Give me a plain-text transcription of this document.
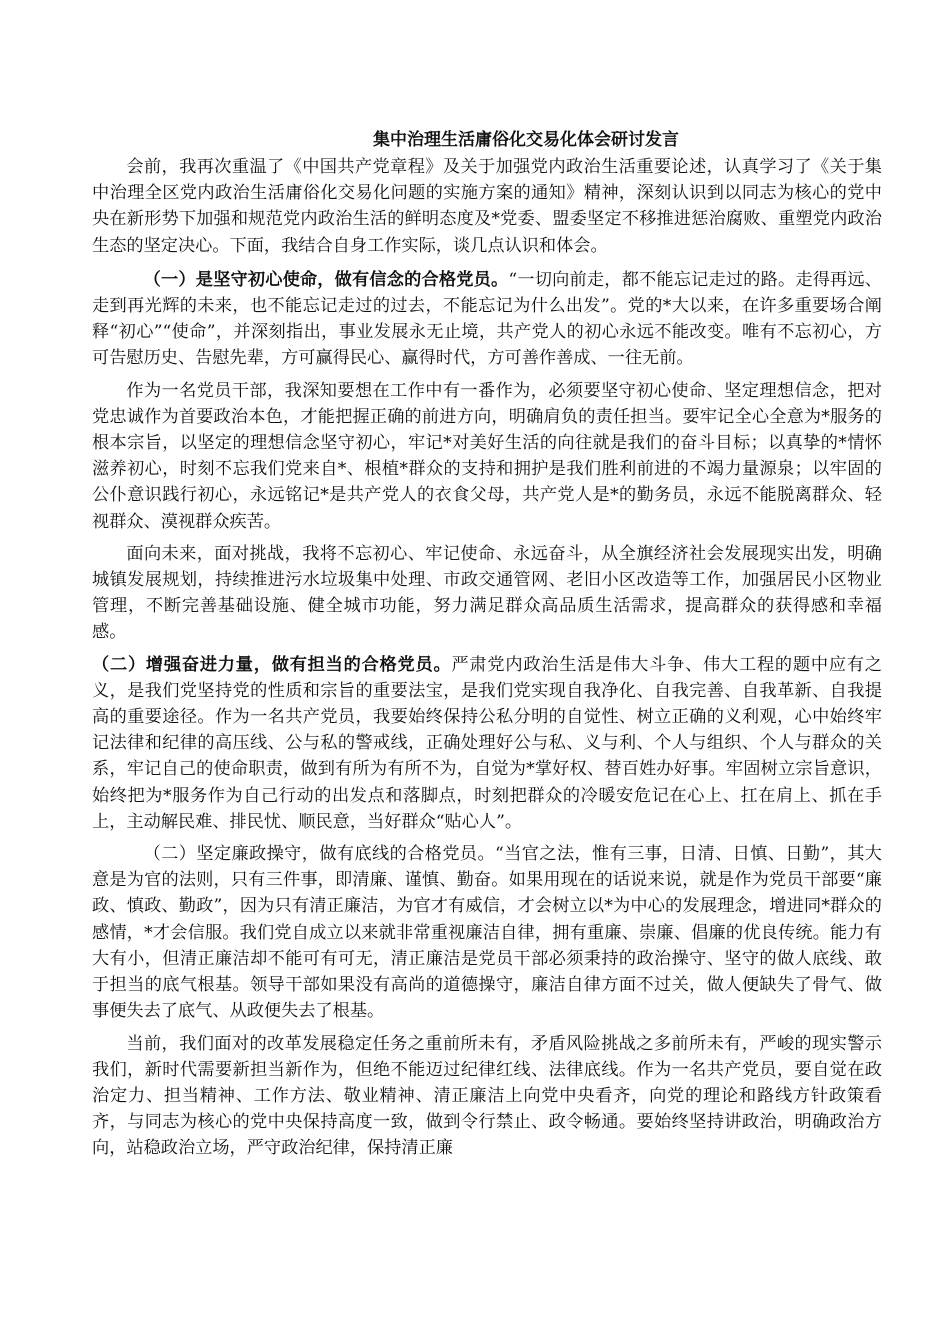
集中治理生活庸俗化交易化体会研讨发言

会前，我再次重温了《中国共产党章程》及关于加强党内政治生活重要论述，认真学习了《关于集中治理全区党内政治生活庸俗化交易化问题的实施方案的通知》精神，深刻认识到以同志为核心的党中央在新形势下加强和规范党内政治生活的鲜明态度及*党委、盟委坚定不移推进惩治腐败、重塑党内政治生态的坚定决心。下面，我结合自身工作实际，谈几点认识和体会。

（一）是坚守初心使命，做有信念的合格党员。“一切向前走，都不能忘记走过的路。走得再远、走到再光辉的未来，也不能忘记走过的过去，不能忘记为什么出发”。党的*大以来，在许多重要场合阐释“初心”“使命”，并深刻指出，事业发展永无止境，共产党人的初心永远不能改变。唯有不忘初心，方可告慰历史、告慰先辈，方可赢得民心、赢得时代，方可善作善成、一往无前。

作为一名党员干部，我深知要想在工作中有一番作为，必须要坚守初心使命、坚定理想信念，把对党忠诚作为首要政治本色，才能把握正确的前进方向，明确肩负的责任担当。要牢记全心全意为*服务的根本宗旨，以坚定的理想信念坚守初心，牢记*对美好生活的向往就是我们的奋斗目标；以真挚的*情怀滋养初心，时刻不忘我们党来自*、根植*群众的支持和拥护是我们胜利前进的不竭力量源泉；以牢固的公仆意识践行初心，永远铭记*是共产党人的衣食父母，共产党人是*的勤务员，永远不能脱离群众、轻视群众、漠视群众疾苦。

面向未来，面对挑战，我将不忘初心、牢记使命、永远奋斗，从全旗经济社会发展现实出发，明确城镇发展规划，持续推进污水垃圾集中处理、市政交通管网、老旧小区改造等工作，加强居民小区物业管理，不断完善基础设施、健全城市功能，努力满足群众高品质生活需求，提高群众的获得感和幸福感。

（二）增强奋进力量，做有担当的合格党员。严肃党内政治生活是伟大斗争、伟大工程的题中应有之义，是我们党坚持党的性质和宗旨的重要法宝，是我们党实现自我净化、自我完善、自我革新、自我提高的重要途径。作为一名共产党员，我要始终保持公私分明的自觉性、树立正确的义利观，心中始终牢记法律和纪律的高压线、公与私的警戒线，正确处理好公与私、义与利、个人与组织、个人与群众的关系，牢记自己的使命职责，做到有所为有所不为，自觉为*掌好权、替百姓办好事。牢固树立宗旨意识，始终把为*服务作为自己行动的出发点和落脚点，时刻把群众的冷暖安危记在心上、扛在肩上、抓在手上，主动解民难、排民忧、顺民意，当好群众“贴心人”。

（二）坚定廉政操守，做有底线的合格党员。“当官之法，惟有三事，日清、日慎、日勤”，其大意是为官的法则，只有三件事，即清廉、谨慎、勤奋。如果用现在的话说来说，就是作为党员干部要“廉政、慎政、勤政”，因为只有清正廉洁，为官才有威信，才会树立以*为中心的发展理念，增进同*群众的感情，*才会信服。我们党自成立以来就非常重视廉洁自律，拥有重廉、崇廉、倡廉的优良传统。能力有大有小，但清正廉洁却不能可有可无，清正廉洁是党员干部必须秉持的政治操守、坚守的做人底线、敢于担当的底气根基。领导干部如果没有高尚的道德操守，廉洁自律方面不过关，做人便缺失了骨气、做事便失去了底气、从政便失去了根基。

当前，我们面对的改革发展稳定任务之重前所未有，矛盾风险挑战之多前所未有，严峻的现实警示我们，新时代需要新担当新作为，但绝不能迈过纪律红线、法律底线。作为一名共产党员，要自觉在政治定力、担当精神、工作方法、敬业精神、清正廉洁上向党中央看齐，向党的理论和路线方针政策看齐，与同志为核心的党中央保持高度一致，做到令行禁止、政令畅通。要始终坚持讲政治，明确政治方向，站稳政治立场，严守政治纪律，保持清正廉
